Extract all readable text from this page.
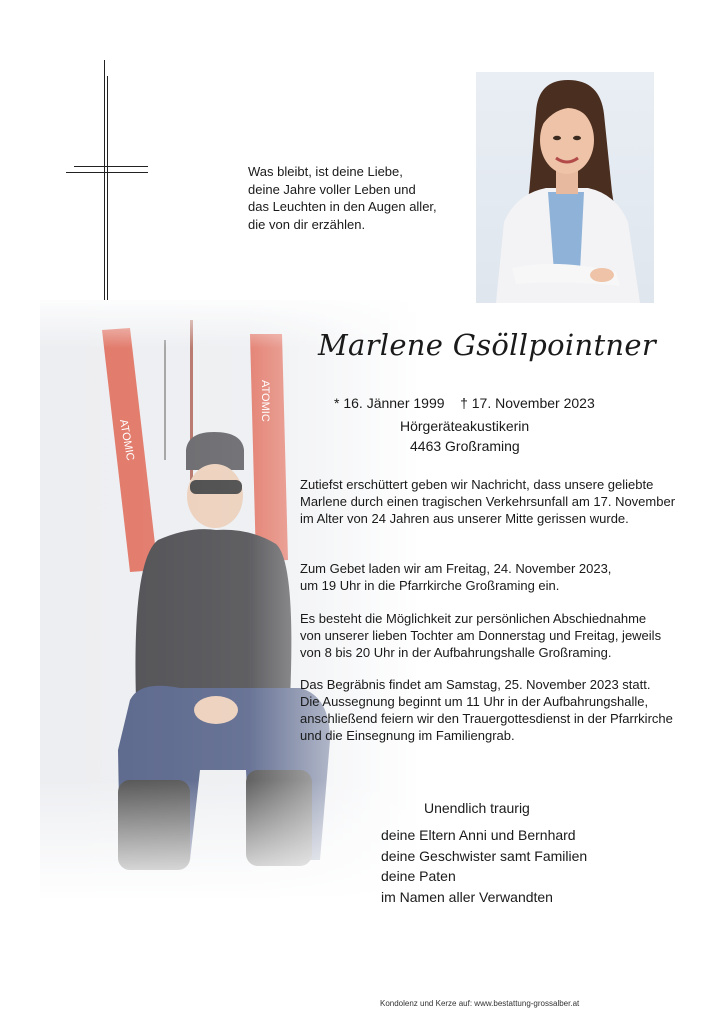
Was bleibt, ist deine Liebe,
deine Jahre voller Leben und
das Leuchten in den Augen aller,
die von dir erzählen.
Marlene Gsöllpointner
* 16. Jänner 1999 † 17. November 2023
Hörgeräteakustikerin
4463 Großraming
Zutiefst erschüttert geben wir Nachricht, dass unsere geliebte
Marlene durch einen tragischen Verkehrsunfall am 17. November
im Alter von 24 Jahren aus unserer Mitte gerissen wurde.
Zum Gebet laden wir am Freitag, 24. November 2023,
um 19 Uhr in die Pfarrkirche Großraming ein.
Es besteht die Möglichkeit zur persönlichen Abschiednahme
von unserer lieben Tochter am Donnerstag und Freitag, jeweils
von 8 bis 20 Uhr in der Aufbahrungshalle Großraming.
Das Begräbnis findet am Samstag, 25. November 2023 statt.
Die Aussegnung beginnt um 11 Uhr in der Aufbahrungshalle,
anschließend feiern wir den Trauergottesdienst in der Pfarrkirche
und die Einsegnung im Familiengrab.
Unendlich traurig
deine Eltern Anni und Bernhard
deine Geschwister samt Familien
deine Paten
im Namen aller Verwandten
Kondolenz und Kerze auf: www.bestattung-grossalber.at
